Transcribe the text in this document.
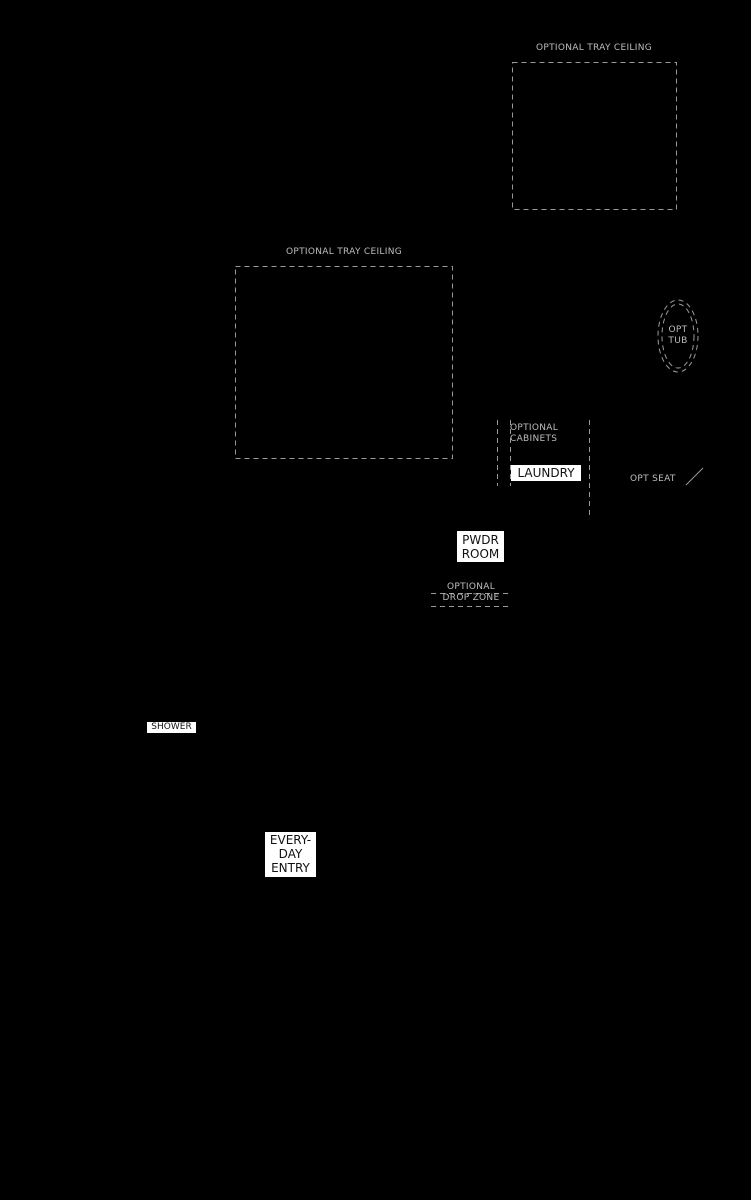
OPTIONAL TRAY CEILING
OPTIONAL TRAY CEILING
OPT
TUB
OPTIONAL
CABINETS
LAUNDRY	OPT SEAT
PWDR
ROOM
OPTIONAL
DROP ZONE
SHOWER
EVERY-
DAY
ENTRY
